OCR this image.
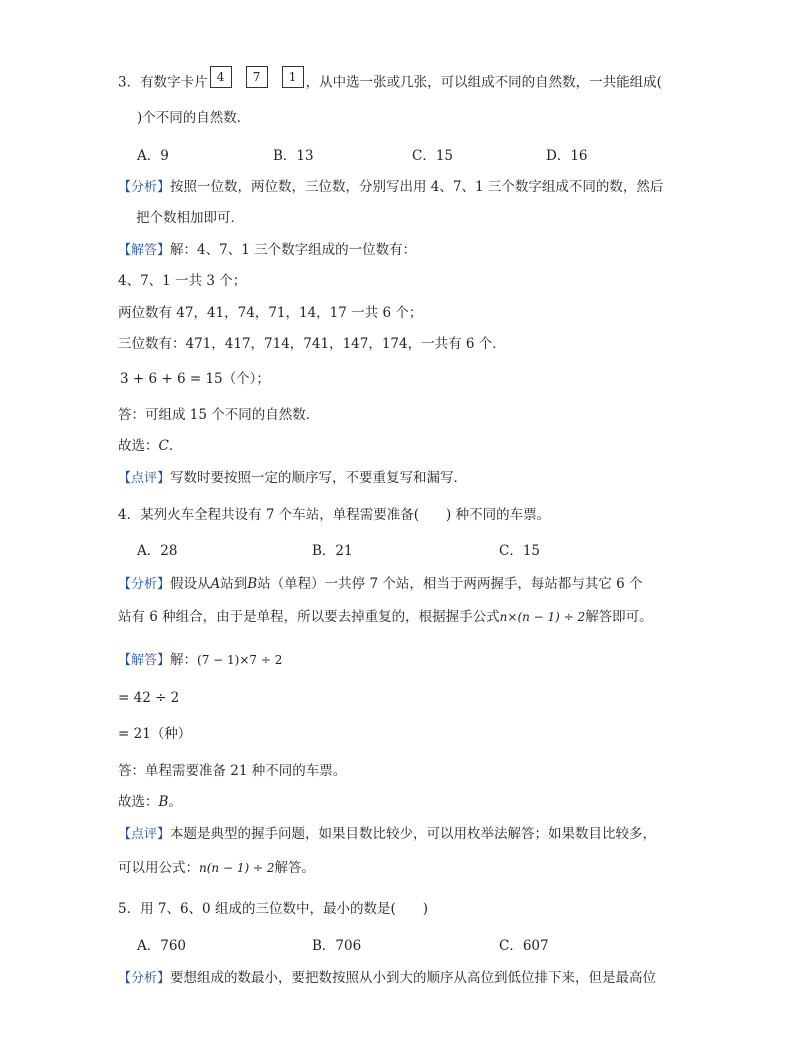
3．有数字卡片 4 7 1 ，从中选一张或几张，可以组成不同的自然数，一共能组成(
)个不同的自然数．
A．9	B．13	C．15	D．16
【分析】按照一位数，两位数，三位数，分别写出用 4、7、1 三个数字组成不同的数，然后
把个数相加即可．
【解答】解：4、7、1 三个数字组成的一位数有：
4、7、1 一共 3 个；
两位数有 47，41，74，71，14，17 一共 6 个；
三位数有：471，417，714，741，147，174，一共有 6 个．
3 + 6 + 6 = 15（个）；
答：可组成 15 个不同的自然数．
故选：C．
【点评】写数时要按照一定的顺序写，不要重复写和漏写．
4．某列火车全程共设有 7 个车站，单程需要准备(　　) 种不同的车票。
A．28	B．21	C．15
【分析】假设从A站到B站（单程）一共停 7 个站，相当于两两握手，每站都与其它 6 个
站有 6 种组合，由于是单程，所以要去掉重复的，根据握手公式n×(n − 1) ÷ 2解答即可。
【解答】解：(7 − 1)×7 ÷ 2
= 42 ÷ 2
= 21（种）
答：单程需要准备 21 种不同的车票。
故选：B。
【点评】本题是典型的握手问题，如果目数比较少，可以用枚举法解答；如果数目比较多，
可以用公式：n(n − 1) ÷ 2解答。
5．用 7、6、0 组成的三位数中，最小的数是(　　)
A．760	B．706	C．607
【分析】要想组成的数最小，要把数按照从小到大的顺序从高位到低位排下来，但是最高位
